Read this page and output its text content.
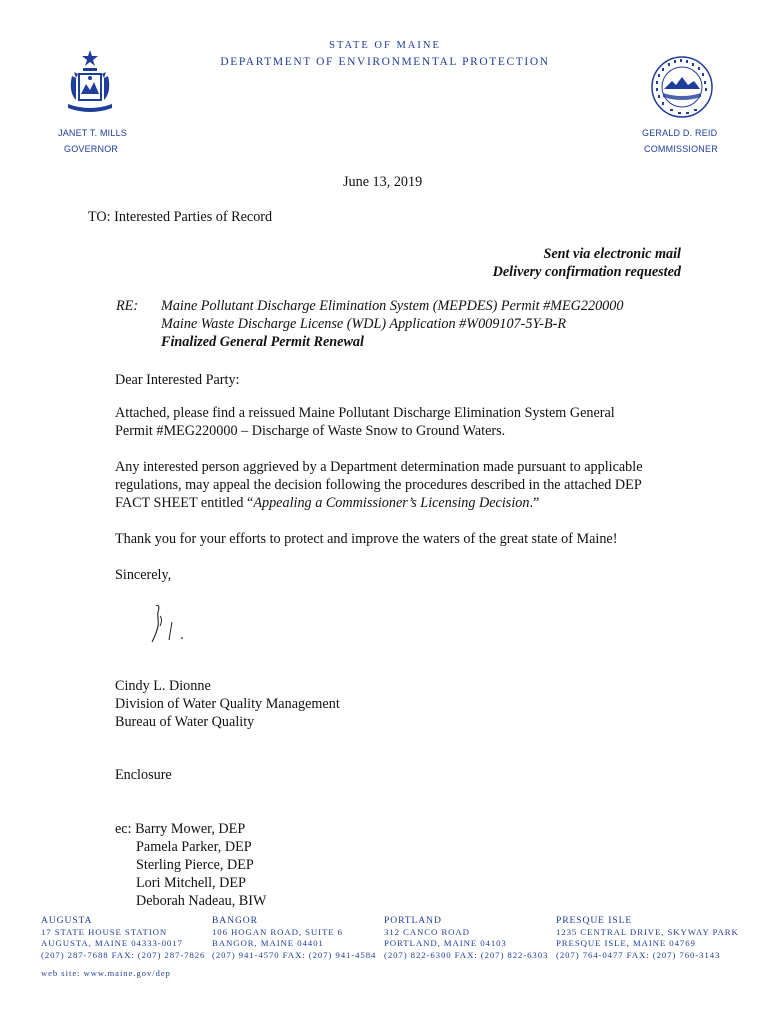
STATE OF MAINE
DEPARTMENT OF ENVIRONMENTAL PROTECTION
JANET T. MILLS
GOVERNOR
GERALD D. REID
COMMISSIONER
June 13, 2019
TO: Interested Parties of Record
Sent via electronic mail
Delivery confirmation requested
RE: Maine Pollutant Discharge Elimination System (MEPDES) Permit #MEG220000
Maine Waste Discharge License (WDL) Application #W009107-5Y-B-R
Finalized General Permit Renewal
Dear Interested Party:
Attached, please find a reissued Maine Pollutant Discharge Elimination System General
Permit #MEG220000 – Discharge of Waste Snow to Ground Waters.
Any interested person aggrieved by a Department determination made pursuant to applicable
regulations, may appeal the decision following the procedures described in the attached DEP
FACT SHEET entitled “Appealing a Commissioner’s Licensing Decision.”
Thank you for your efforts to protect and improve the waters of the great state of Maine!
Sincerely,
Cindy L. Dionne
Division of Water Quality Management
Bureau of Water Quality
Enclosure
ec: Barry Mower, DEP
Pamela Parker, DEP
Sterling Pierce, DEP
Lori Mitchell, DEP
Deborah Nadeau, BIW
AUGUSTA
17 STATE HOUSE STATION
AUGUSTA, MAINE 04333-0017
(207) 287-7688 FAX: (207) 287-7826
BANGOR
106 HOGAN ROAD, SUITE 6
BANGOR, MAINE 04401
(207) 941-4570 FAX: (207) 941-4584
PORTLAND
312 CANCO ROAD
PORTLAND, MAINE 04103
(207) 822-6300 FAX: (207) 822-6303
PRESQUE ISLE
1235 CENTRAL DRIVE, SKYWAY PARK
PRESQUE ISLE, MAINE 04769
(207) 764-0477 FAX: (207) 760-3143
web site: www.maine.gov/dep
